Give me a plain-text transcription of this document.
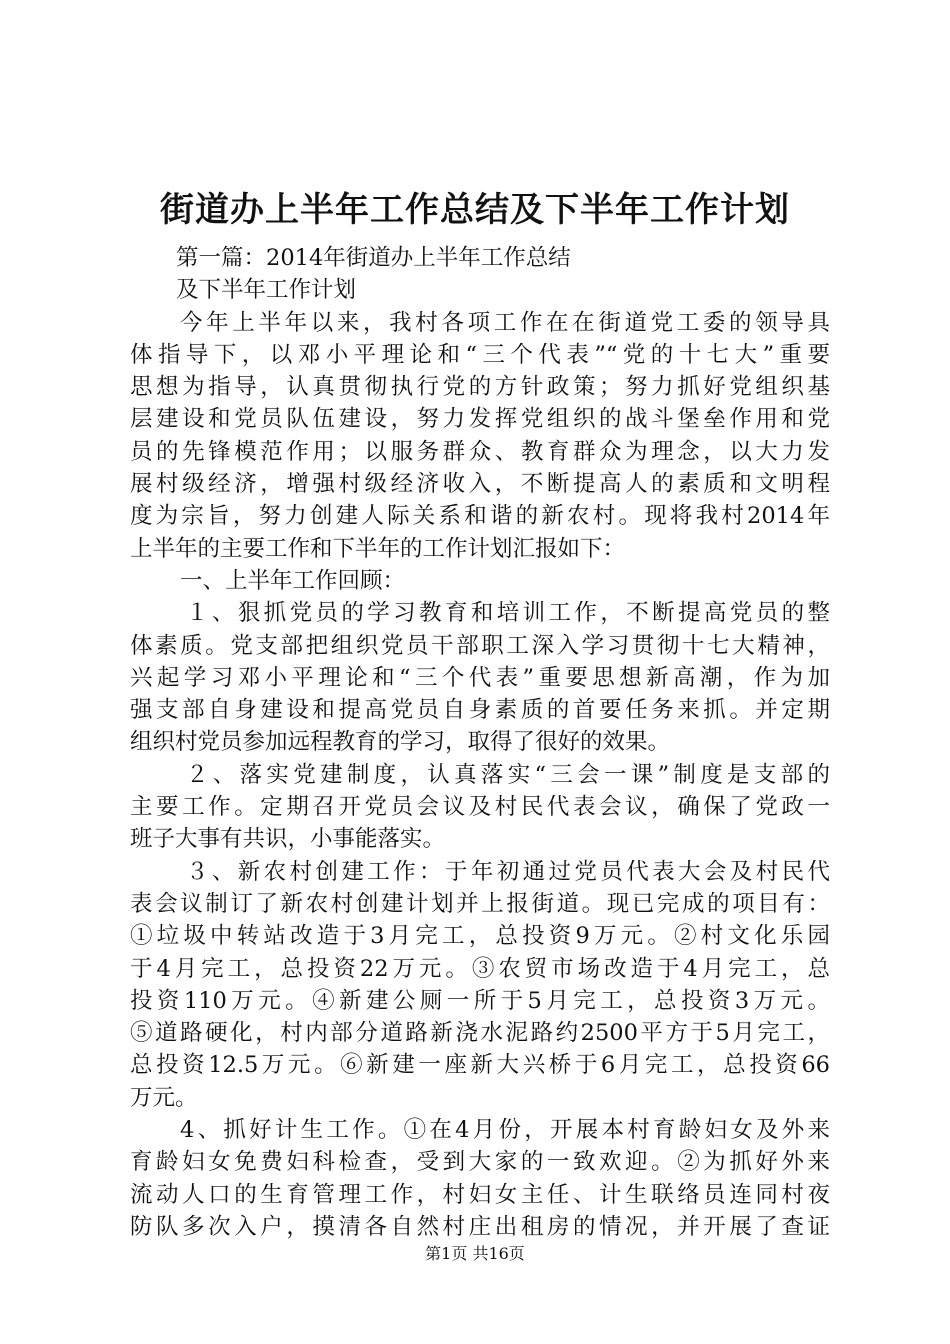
街道办上半年工作总结及下半年工作计划
第一篇：2014年街道办上半年工作总结
及下半年工作计划
今年上半年以来，我村各项工作在在街道党工委的领导具
体指导下，以邓小平理论和“三个代表”“党的十七大”重要
思想为指导，认真贯彻执行党的方针政策；努力抓好党组织基
层建设和党员队伍建设，努力发挥党组织的战斗堡垒作用和党
员的先锋模范作用；以服务群众、教育群众为理念，以大力发
展村级经济，增强村级经济收入，不断提高人的素质和文明程
度为宗旨，努力创建人际关系和谐的新农村。现将我村2014年
上半年的主要工作和下半年的工作计划汇报如下：
一、上半年工作回顾：
１、狠抓党员的学习教育和培训工作，不断提高党员的整
体素质。党支部把组织党员干部职工深入学习贯彻十七大精神，
兴起学习邓小平理论和“三个代表”重要思想新高潮，作为加
强支部自身建设和提高党员自身素质的首要任务来抓。并定期
组织村党员参加远程教育的学习，取得了很好的效果。
２、落实党建制度，认真落实“三会一课”制度是支部的
主要工作。定期召开党员会议及村民代表会议，确保了党政一
班子大事有共识，小事能落实。
３、新农村创建工作：于年初通过党员代表大会及村民代
表会议制订了新农村创建计划并上报街道。现已完成的项目有：
①垃圾中转站改造于3月完工，总投资9万元。②村文化乐园
于4月完工，总投资22万元。③农贸市场改造于4月完工，总
投资110万元。④新建公厕一所于5月完工，总投资3万元。
⑤道路硬化，村内部分道路新浇水泥路约2500平方于5月完工，
总投资12.5万元。⑥新建一座新大兴桥于6月完工，总投资66
万元。
4、抓好计生工作。①在4月份，开展本村育龄妇女及外来
育龄妇女免费妇科检查，受到大家的一致欢迎。②为抓好外来
流动人口的生育管理工作，村妇女主任、计生联络员连同村夜
防队多次入户，摸清各自然村庄出租房的情况，并开展了查证
第1页 共16页
